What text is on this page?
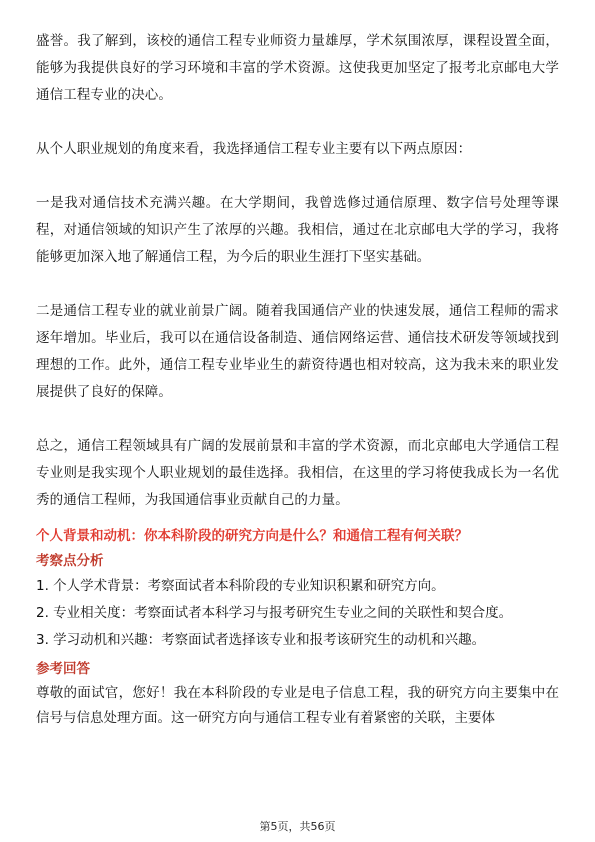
盛誉。我了解到，该校的通信工程专业师资力量雄厚，学术氛围浓厚，课程设置全面，能够为我提供良好的学习环境和丰富的学术资源。这使我更加坚定了报考北京邮电大学通信工程专业的决心。

从个人职业规划的角度来看，我选择通信工程专业主要有以下两点原因：

一是我对通信技术充满兴趣。在大学期间，我曾选修过通信原理、数字信号处理等课程，对通信领域的知识产生了浓厚的兴趣。我相信，通过在北京邮电大学的学习，我将能够更加深入地了解通信工程，为今后的职业生涯打下坚实基础。

二是通信工程专业的就业前景广阔。随着我国通信产业的快速发展，通信工程师的需求逐年增加。毕业后，我可以在通信设备制造、通信网络运营、通信技术研发等领域找到理想的工作。此外，通信工程专业毕业生的薪资待遇也相对较高，这为我未来的职业发展提供了良好的保障。

总之，通信工程领域具有广阔的发展前景和丰富的学术资源，而北京邮电大学通信工程专业则是我实现个人职业规划的最佳选择。我相信，在这里的学习将使我成长为一名优秀的通信工程师，为我国通信事业贡献自己的力量。

个人背景和动机：你本科阶段的研究方向是什么？和通信工程有何关联？

考察点分析

1. 个人学术背景：考察面试者本科阶段的专业知识积累和研究方向。

2. 专业相关度：考察面试者本科学习与报考研究生专业之间的关联性和契合度。

3. 学习动机和兴趣：考察面试者选择该专业和报考该研究生的动机和兴趣。

参考回答

尊敬的面试官，您好！我在本科阶段的专业是电子信息工程，我的研究方向主要集中在信号与信息处理方面。这一研究方向与通信工程专业有着紧密的关联，主要体

第5页，共56页
